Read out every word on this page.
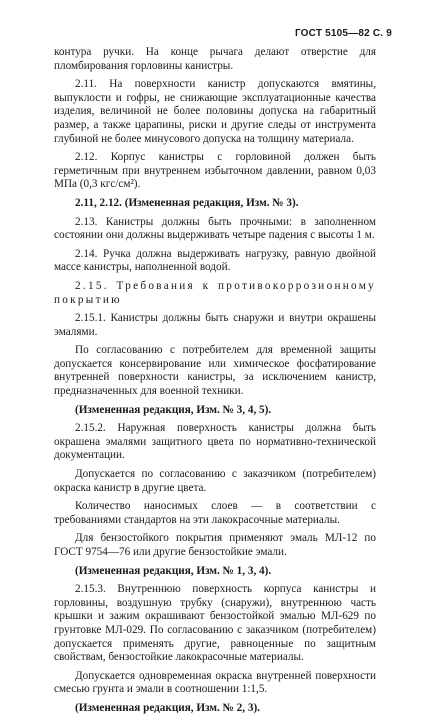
ГОСТ 5105—82 С. 9

контура ручки. На конце рычага делают отверстие для пломбирования горловины канистры.

2.11. На поверхности канистр допускаются вмятины, выпуклости и гофры, не снижающие эксплуатационные качества изделия, величиной не более половины допуска на габаритный размер, а также царапины, риски и другие следы от инструмента глубиной не более минусового допуска на толщину материала.

2.12. Корпус канистры с горловиной должен быть герметичным при внутреннем избыточном давлении, равном 0,03 МПа (0,3 кгс/см²).

2.11, 2.12. (Измененная редакция, Изм. № 3).

2.13. Канистры должны быть прочными: в заполненном состоянии они должны выдерживать четыре падения с высоты 1 м.

2.14. Ручка должна выдерживать нагрузку, равную двойной массе канистры, наполненной водой.

2.15. Требования к противокоррозионному покрытию

2.15.1. Канистры должны быть снаружи и внутри окрашены эмалями.

По согласованию с потребителем для временной защиты допускается консервирование или химическое фосфатирование внутренней поверхности канистры, за исключением канистр, предназначенных для военной техники.

(Измененная редакция, Изм. № 3, 4, 5).

2.15.2. Наружная поверхность канистры должна быть окрашена эмалями защитного цвета по нормативно-технической документации.

Допускается по согласованию с заказчиком (потребителем) окраска канистр в другие цвета.

Количество наносимых слоев — в соответствии с требованиями стандартов на эти лакокрасочные материалы.

Для бензостойкого покрытия применяют эмаль МЛ-12 по ГОСТ 9754—76 или другие бензостойкие эмали.

(Измененная редакция, Изм. № 1, 3, 4).

2.15.3. Внутреннюю поверхность корпуса канистры и горловины, воздушную трубку (снаружи), внутреннюю часть крышки и зажим окрашивают бензостойкой эмалью МЛ-629 по грунтовке МЛ-029. По согласованию с заказчиком (потребителем) допускается применять другие, равноценные по защитным свойствам, бензостойкие лакокрасочные материалы.

Допускается одновременная окраска внутренней поверхности смесью грунта и эмали в соотношении 1:1,5.

(Измененная редакция, Изм. № 2, 3).
